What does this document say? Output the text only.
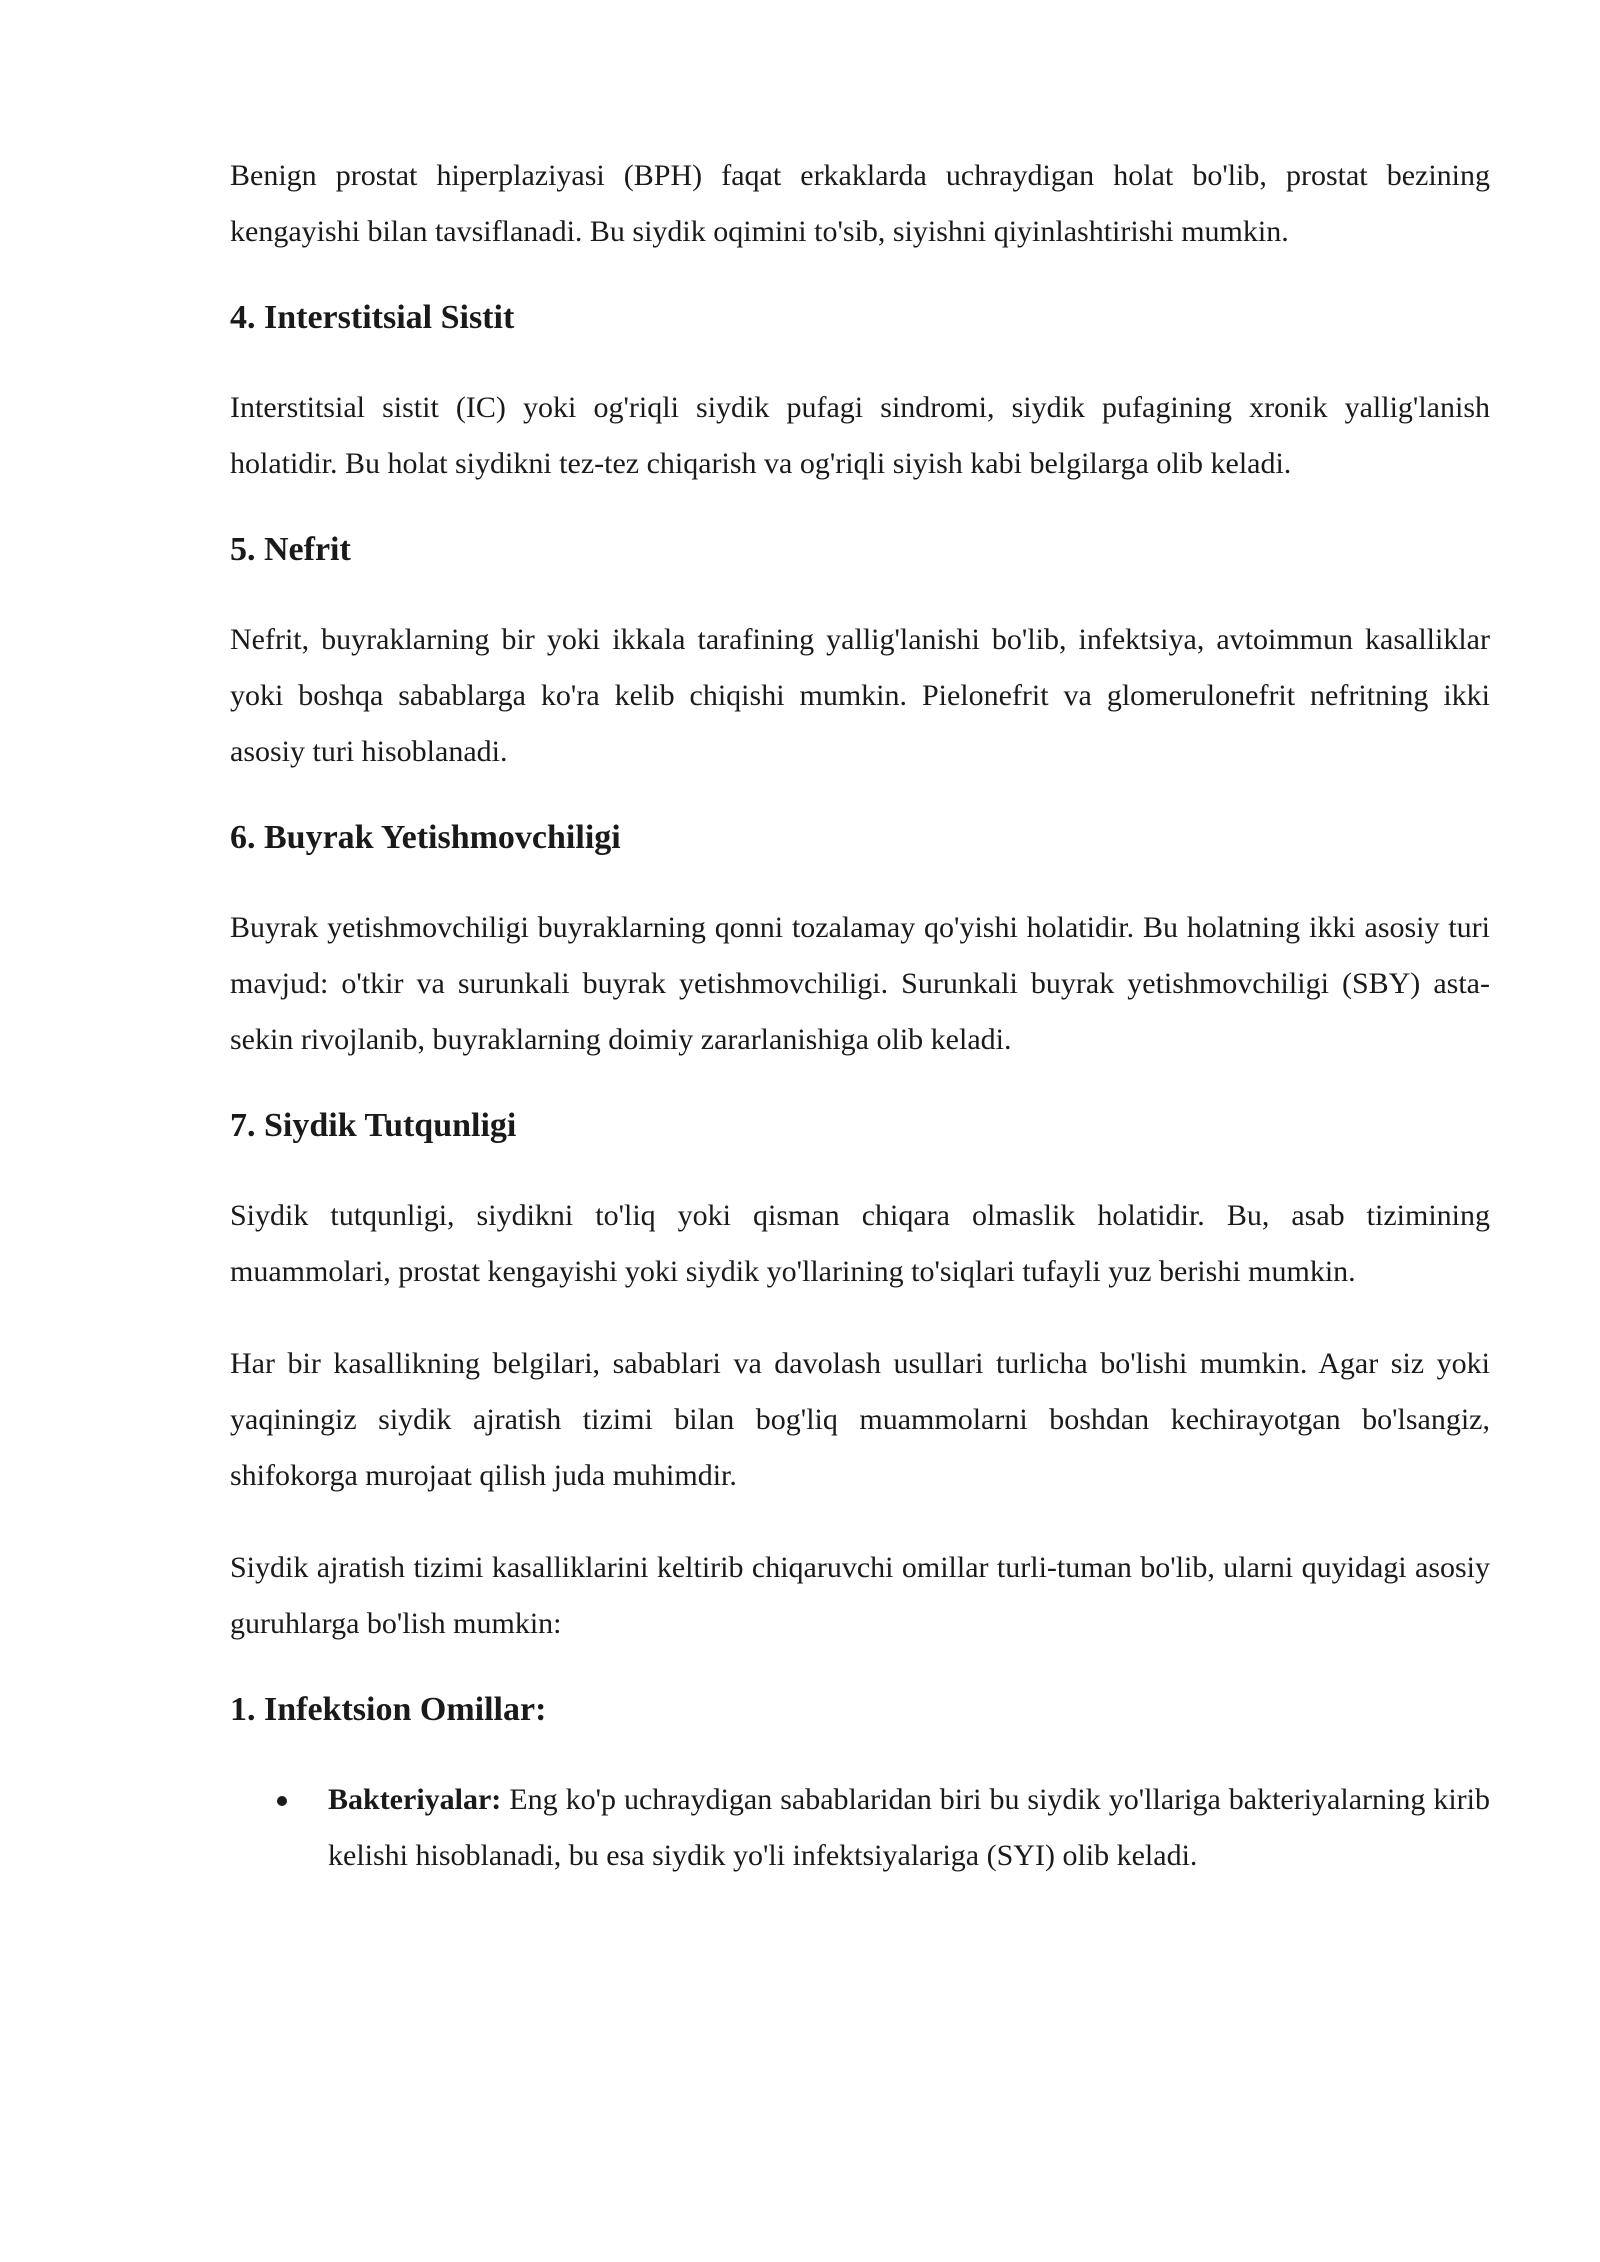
Benign prostat hiperplaziyasi (BPH) faqat erkaklarda uchraydigan holat bo'lib, prostat bezining kengayishi bilan tavsiflanadi. Bu siydik oqimini to'sib, siyishni qiyinlashtirishi mumkin.

4. Interstitsial Sistit

Interstitsial sistit (IC) yoki og'riqli siydik pufagi sindromi, siydik pufagining xronik yallig'lanish holatidir. Bu holat siydikni tez-tez chiqarish va og'riqli siyish kabi belgilarga olib keladi.

5. Nefrit

Nefrit, buyraklarning bir yoki ikkala tarafining yallig'lanishi bo'lib, infektsiya, avtoimmun kasalliklar yoki boshqa sabablarga ko'ra kelib chiqishi mumkin. Pielonefrit va glomerulonefrit nefritning ikki asosiy turi hisoblanadi.

6. Buyrak Yetishmovchiligi

Buyrak yetishmovchiligi buyraklarning qonni tozalamay qo'yishi holatidir. Bu holatning ikki asosiy turi mavjud: o'tkir va surunkali buyrak yetishmovchiligi. Surunkali buyrak yetishmovchiligi (SBY) asta-sekin rivojlanib, buyraklarning doimiy zararlanishiga olib keladi.

7. Siydik Tutqunligi

Siydik tutqunligi, siydikni to'liq yoki qisman chiqara olmaslik holatidir. Bu, asab tizimining muammolari, prostat kengayishi yoki siydik yo'llarining to'siqlari tufayli yuz berishi mumkin.

Har bir kasallikning belgilari, sabablari va davolash usullari turlicha bo'lishi mumkin. Agar siz yoki yaqiningiz siydik ajratish tizimi bilan bog'liq muammolarni boshdan kechirayotgan bo'lsangiz, shifokorga murojaat qilish juda muhimdir.

Siydik ajratish tizimi kasalliklarini keltirib chiqaruvchi omillar turli-tuman bo'lib, ularni quyidagi asosiy guruhlarga bo'lish mumkin:

1. Infektsion Omillar:
Bakteriyalar: Eng ko'p uchraydigan sabablaridan biri bu siydik yo'llariga bakteriyalarning kirib kelishi hisoblanadi, bu esa siydik yo'li infektsiyalariga (SYI) olib keladi.
